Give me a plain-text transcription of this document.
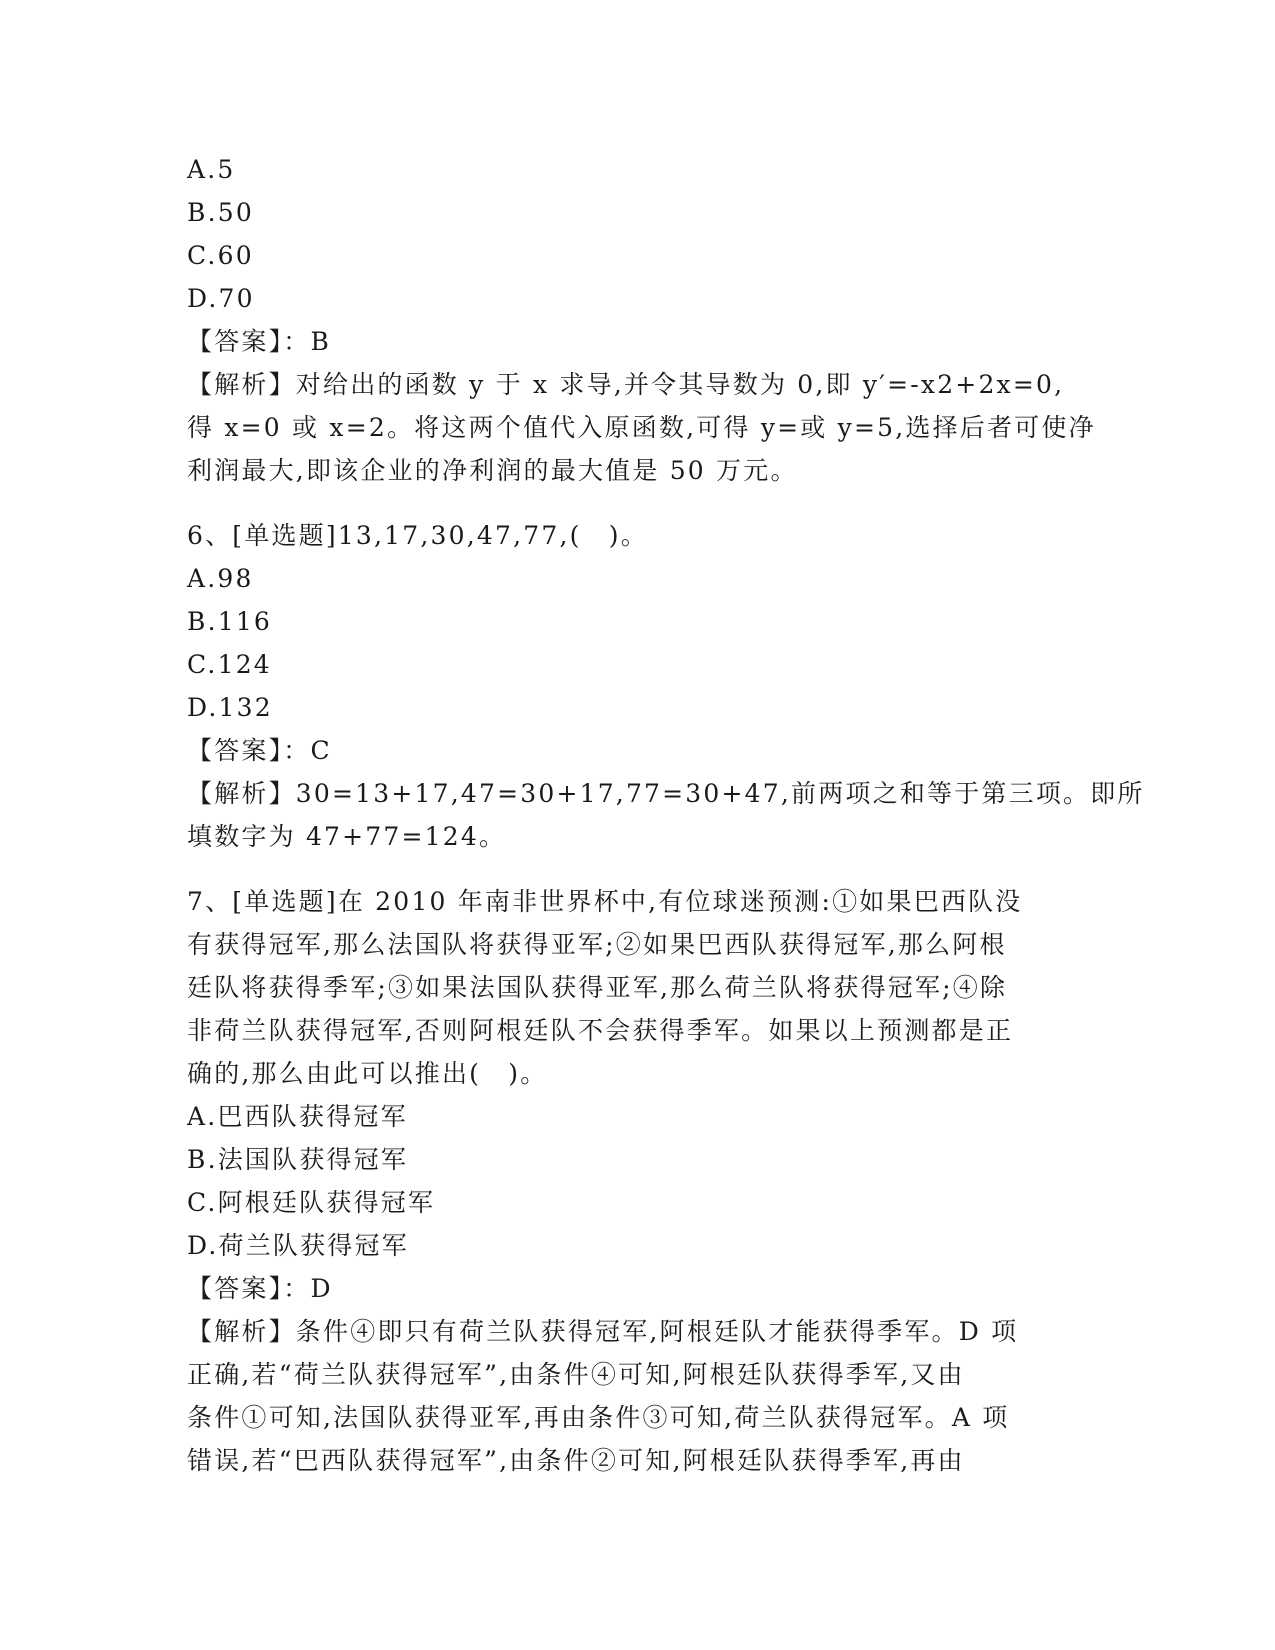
A.5
B.50
C.60
D.70
【答案】：B
【解析】对给出的函数 y 于 x 求导,并令其导数为 0,即 y′=-x2+2x=0,
得 x=0 或 x=2。将这两个值代入原函数,可得 y=或 y=5,选择后者可使净
利润最大,即该企业的净利润的最大值是 50 万元。
6、[单选题]13,17,30,47,77,(　)。
A.98
B.116
C.124
D.132
【答案】：C
【解析】30=13+17,47=30+17,77=30+47,前两项之和等于第三项。即所
填数字为 47+77=124。
7、[单选题]在 2010 年南非世界杯中,有位球迷预测:①如果巴西队没
有获得冠军,那么法国队将获得亚军;②如果巴西队获得冠军,那么阿根
廷队将获得季军;③如果法国队获得亚军,那么荷兰队将获得冠军;④除
非荷兰队获得冠军,否则阿根廷队不会获得季军。如果以上预测都是正
确的,那么由此可以推出(　)。
A.巴西队获得冠军
B.法国队获得冠军
C.阿根廷队获得冠军
D.荷兰队获得冠军
【答案】：D
【解析】条件④即只有荷兰队获得冠军,阿根廷队才能获得季军。D 项
正确,若“荷兰队获得冠军”,由条件④可知,阿根廷队获得季军,又由
条件①可知,法国队获得亚军,再由条件③可知,荷兰队获得冠军。A 项
错误,若“巴西队获得冠军”,由条件②可知,阿根廷队获得季军,再由
